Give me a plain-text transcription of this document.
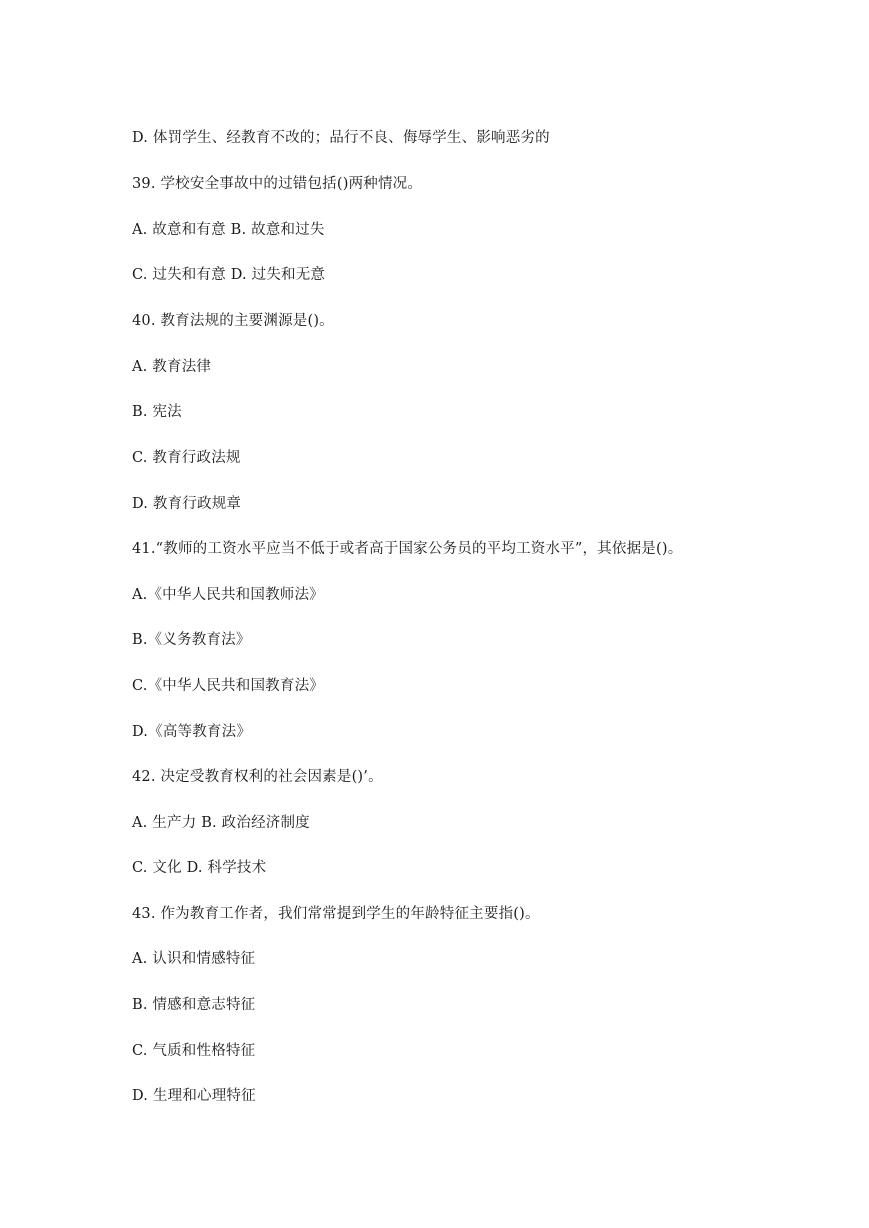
D. 体罚学生、经教育不改的；品行不良、侮辱学生、影响恶劣的
39. 学校安全事故中的过错包括()两种情况。
A. 故意和有意 B. 故意和过失
C. 过失和有意 D. 过失和无意
40. 教育法规的主要渊源是()。
A. 教育法律
B. 宪法
C. 教育行政法规
D. 教育行政规章
41.“教师的工资水平应当不低于或者高于国家公务员的平均工资水平”，其依据是()。
A.《中华人民共和国教师法》
B.《义务教育法》
C.《中华人民共和国教育法》
D.《高等教育法》
42. 决定受教育权利的社会因素是()’。
A. 生产力 B. 政治经济制度
C. 文化 D. 科学技术
43. 作为教育工作者，我们常常提到学生的年龄特征主要指()。
A. 认识和情感特征
B. 情感和意志特征
C. 气质和性格特征
D. 生理和心理特征
